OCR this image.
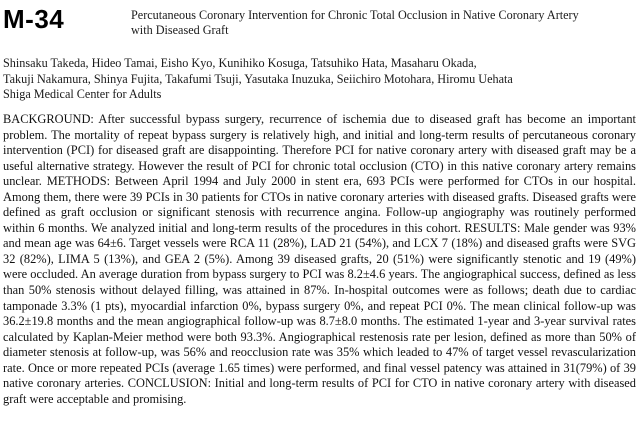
M-34	Percutaneous Coronary Intervention for Chronic Total Occlusion in Native Coronary Artery with Diseased Graft
Shinsaku Takeda, Hideo Tamai, Eisho Kyo, Kunihiko Kosuga, Tatsuhiko Hata, Masaharu Okada,
Takuji Nakamura, Shinya Fujita, Takafumi Tsuji, Yasutaka Inuzuka, Seiichiro Motohara, Hiromu Uehata
Shiga Medical Center for Adults

BACKGROUND: After successful bypass surgery, recurrence of ischemia due to diseased graft has become an important problem. The mortality of repeat bypass surgery is relatively high, and initial and long-term results of percutaneous coronary intervention (PCI) for diseased graft are disappointing. Therefore PCI for native coronary artery with diseased graft may be a useful alternative strategy. However the result of PCI for chronic total occlusion (CTO) in this native coronary artery remains unclear. METHODS: Between April 1994 and July 2000 in stent era, 693 PCIs were performed for CTOs in our hospital. Among them, there were 39 PCIs in 30 patients for CTOs in native coronary arteries with diseased grafts. Diseased grafts were defined as graft occlusion or significant stenosis with recurrence angina. Follow-up angiography was routinely performed within 6 months. We analyzed initial and long-term results of the procedures in this cohort. RESULTS: Male gender was 93% and mean age was 64±6. Target vessels were RCA 11 (28%), LAD 21 (54%), and LCX 7 (18%) and diseased grafts were SVG 32 (82%), LIMA 5 (13%), and GEA 2 (5%). Among 39 diseased grafts, 20 (51%) were significantly stenotic and 19 (49%) were occluded. An average duration from bypass surgery to PCI was 8.2±4.6 years. The angiographical success, defined as less than 50% stenosis without delayed filling, was attained in 87%. In-hospital outcomes were as follows; death due to cardiac tamponade 3.3% (1 pts), myocardial infarction 0%, bypass surgery 0%, and repeat PCI 0%. The mean clinical follow-up was 36.2±19.8 months and the mean angiographical follow-up was 8.7±8.0 months. The estimated 1-year and 3-year survival rates calculated by Kaplan-Meier method were both 93.3%. Angiographical restenosis rate per lesion, defined as more than 50% of diameter stenosis at follow-up, was 56% and reocclusion rate was 35% which leaded to 47% of target vessel revascularization rate. Once or more repeated PCIs (average 1.65 times) were performed, and final vessel patency was attained in 31(79%) of 39 native coronary arteries. CONCLUSION: Initial and long-term results of PCI for CTO in native coronary artery with diseased graft were acceptable and promising.
